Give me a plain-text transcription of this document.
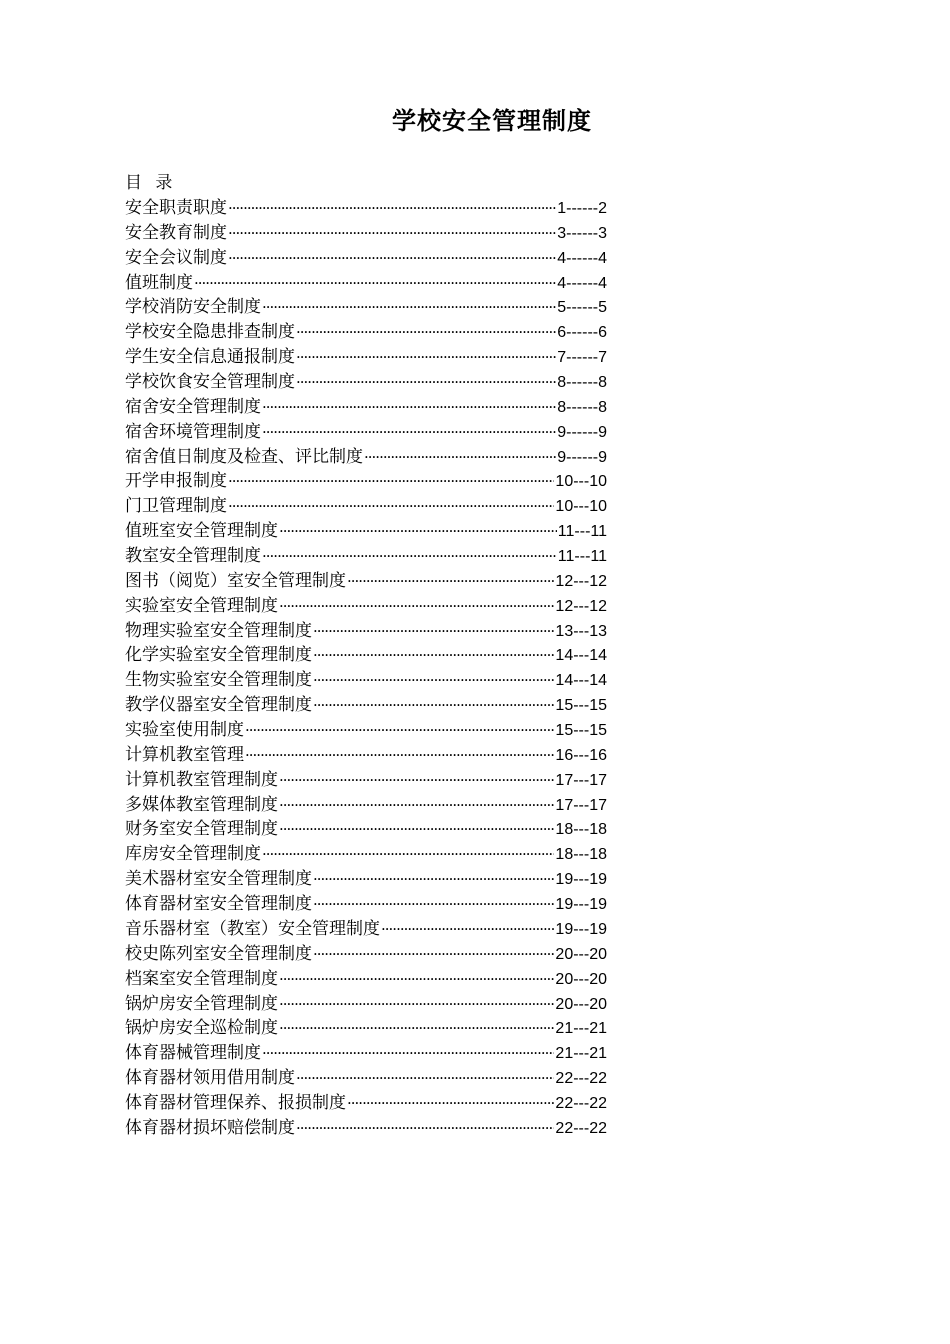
学校安全管理制度
目 录
安全职责职度 ·····	1------2
安全教育制度 ·····	3------3
安全会议制度 ·····	4------4
值班制度 ·····	4------4
学校消防安全制度 ·····	5------5
学校安全隐患排查制度 ·····	6------6
学生安全信息通报制度 ·····	7------7
学校饮食安全管理制度 ·····	8------8
宿舍安全管理制度 ·····	8------8
宿舍环境管理制度 ·····	9------9
宿舍值日制度及检查、评比制度 ·····	9------9
开学申报制度 ·····	10---10
门卫管理制度 ·····	10---10
值班室安全管理制度 ·····	11---11
教室安全管理制度 ·····	11---11
图书（阅览）室安全管理制度 ·····	12---12
实验室安全管理制度 ·····	12---12
物理实验室安全管理制度 ·····	13---13
化学实验室安全管理制度 ·····	14---14
生物实验室安全管理制度 ·····	14---14
教学仪器室安全管理制度 ·····	15---15
实验室使用制度 ·····	15---15
计算机教室管理 ·····	16---16
计算机教室管理制度 ·····	17---17
多媒体教室管理制度 ·····	17---17
财务室安全管理制度 ·····	18---18
库房安全管理制度 ·····	18---18
美术器材室安全管理制度 ·····	19---19
体育器材室安全管理制度 ·····	19---19
音乐器材室（教室）安全管理制度 ·····	19---19
校史陈列室安全管理制度 ·····	20---20
档案室安全管理制度 ·····	20---20
锅炉房安全管理制度 ·····	20---20
锅炉房安全巡检制度 ·····	21---21
体育器械管理制度 ·····	21---21
体育器材领用借用制度 ·····	22---22
体育器材管理保养、报损制度 ·····	22---22
体育器材损坏赔偿制度 ·····	22---22
